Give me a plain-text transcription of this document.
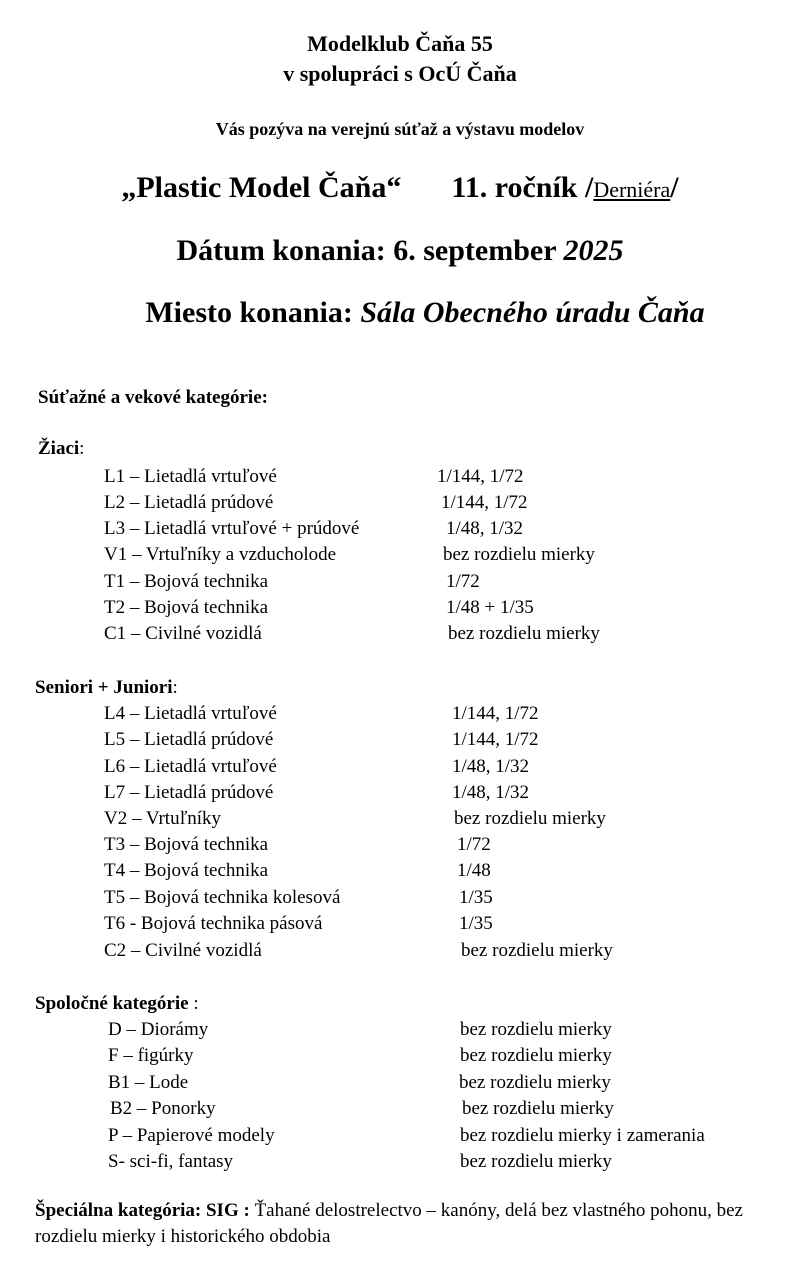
Modelklub Čaňa 55
v spolupráci s OcÚ Čaňa
Vás pozýva na verejnú súťaž a výstavu modelov
„Plastic Model Čaňa“ 11. ročník /Derniéra/
Dátum konania: 6. september 2025
Miesto konania: Sála Obecného úradu Čaňa
Súťažné a vekové kategórie:
Žiaci:
L1 – Lietadlá vrtuľové	1/144, 1/72
L2 – Lietadlá prúdové	1/144, 1/72
L3 – Lietadlá vrtuľové + prúdové	1/48, 1/32
V1 – Vrtuľníky a vzducholode	bez rozdielu mierky
T1 – Bojová technika	1/72
T2 – Bojová technika	1/48 + 1/35
C1 – Civilné vozidlá	bez rozdielu mierky
Seniori + Juniori:
L4 – Lietadlá vrtuľové	1/144, 1/72
L5 – Lietadlá prúdové	1/144, 1/72
L6 – Lietadlá vrtuľové	1/48, 1/32
L7 – Lietadlá prúdové	1/48, 1/32
V2 – Vrtuľníky	bez rozdielu mierky
T3 – Bojová technika	1/72
T4 – Bojová technika	1/48
T5 – Bojová technika kolesová	1/35
T6 - Bojová technika pásová	1/35
C2 – Civilné vozidlá	bez rozdielu mierky
Spoločné kategórie :
D – Diorámy	bez rozdielu mierky
F – figúrky	bez rozdielu mierky
B1 – Lode	bez rozdielu mierky
B2 – Ponorky	bez rozdielu mierky
P – Papierové modely	bez rozdielu mierky i zamerania
S- sci-fi, fantasy	bez rozdielu mierky
Špeciálna kategória: SIG : Ťahané delostrelectvo – kanóny, delá bez vlastného pohonu, bez rozdielu mierky i historického obdobia
